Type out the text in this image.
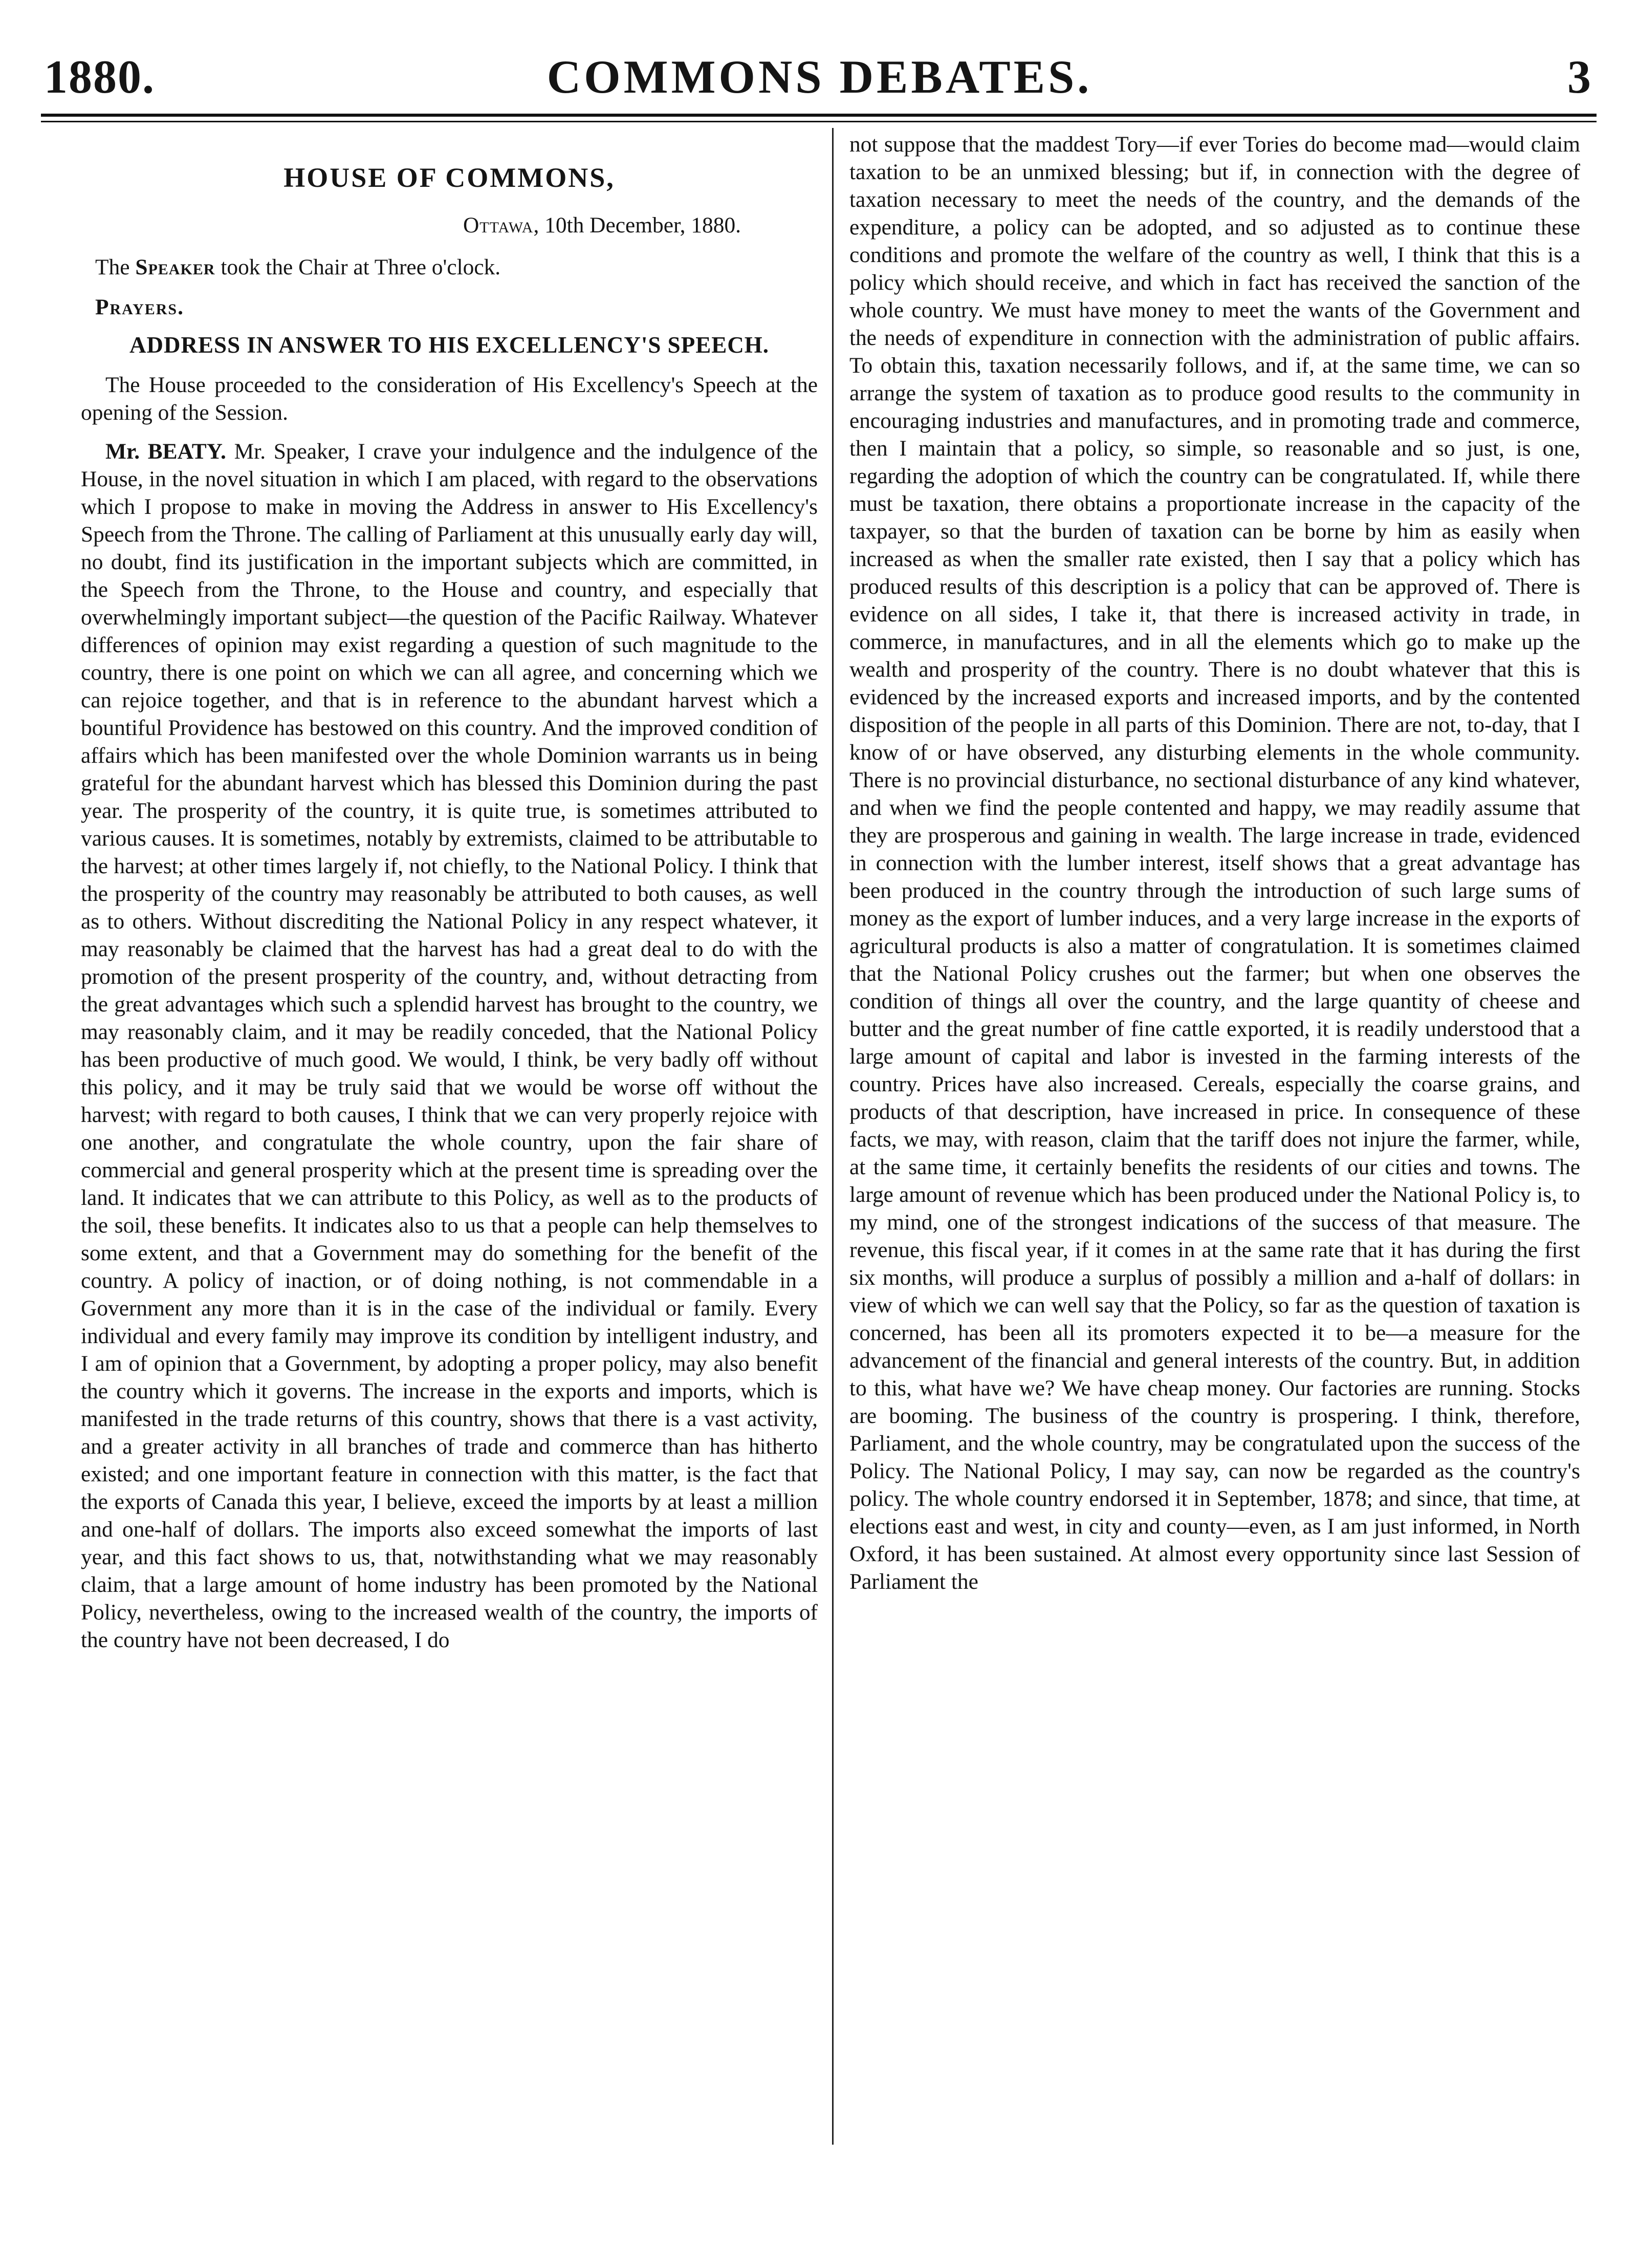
COMMONS DEBATES.
1880.	3
HOUSE OF COMMONS,

Ottawa, 10th December, 1880.

The Speaker took the Chair at Three o'clock.

Prayers.

ADDRESS IN ANSWER TO HIS EXCELLENCY'S SPEECH.

The House proceeded to the consideration of His Excellency's Speech at the opening of the Session.

Mr. BEATY. Mr. Speaker, I crave your indulgence and the indulgence of the House, in the novel situation in which I am placed, with regard to the observations which I propose to make in moving the Address in answer to His Excellency's Speech from the Throne. The calling of Parliament at this unusually early day will, no doubt, find its justification in the important subjects which are committed, in the Speech from the Throne, to the House and country, and especially that overwhelmingly important subject—the question of the Pacific Railway. Whatever differences of opinion may exist regarding a question of such magnitude to the country, there is one point on which we can all agree, and concerning which we can rejoice together, and that is in reference to the abundant harvest which a bountiful Providence has bestowed on this country. And the improved condition of affairs which has been manifested over the whole Dominion warrants us in being grateful for the abundant harvest which has blessed this Dominion during the past year. The prosperity of the country, it is quite true, is sometimes attributed to various causes. It is sometimes, notably by extremists, claimed to be attributable to the harvest; at other times largely if, not chiefly, to the National Policy. I think that the prosperity of the country may reasonably be attributed to both causes, as well as to others. Without discrediting the National Policy in any respect whatever, it may reasonably be claimed that the harvest has had a great deal to do with the promotion of the present prosperity of the country, and, without detracting from the great advantages which such a splendid harvest has brought to the country, we may reasonably claim, and it may be readily conceded, that the National Policy has been productive of much good. We would, I think, be very badly off without this policy, and it may be truly said that we would be worse off without the harvest; with regard to both causes, I think that we can very properly rejoice with one another, and congratulate the whole country, upon the fair share of commercial and general prosperity which at the present time is spreading over the land. It indicates that we can attribute to this Policy, as well as to the products of the soil, these benefits. It indicates also to us that a people can help themselves to some extent, and that a Government may do something for the benefit of the country. A policy of inaction, or of doing nothing, is not commendable in a Government any more than it is in the case of the individual or family. Every individual and every family may improve its condition by intelligent industry, and I am of opinion that a Government, by adopting a proper policy, may also benefit the country which it governs. The increase in the exports and imports, which is manifested in the trade returns of this country, shows that there is a vast activity, and a greater activity in all branches of trade and commerce than has hitherto existed; and one important feature in connection with this matter, is the fact that the exports of Canada this year, I believe, exceed the imports by at least a million and one-half of dollars. The imports also exceed somewhat the imports of last year, and this fact shows to us, that, notwithstanding what we may reasonably claim, that a large amount of home industry has been promoted by the National Policy, nevertheless, owing to the increased wealth of the country, the imports of the country have not been decreased, I do

not suppose that the maddest Tory—if ever Tories do become mad—would claim taxation to be an unmixed blessing; but if, in connection with the degree of taxation necessary to meet the needs of the country, and the demands of the expenditure, a policy can be adopted, and so adjusted as to continue these conditions and promote the welfare of the country as well, I think that this is a policy which should receive, and which in fact has received the sanction of the whole country. We must have money to meet the wants of the Government and the needs of expenditure in connection with the administration of public affairs. To obtain this, taxation necessarily follows, and if, at the same time, we can so arrange the system of taxation as to produce good results to the community in encouraging industries and manufactures, and in promoting trade and commerce, then I maintain that a policy, so simple, so reasonable and so just, is one, regarding the adoption of which the country can be congratulated. If, while there must be taxation, there obtains a proportionate increase in the capacity of the taxpayer, so that the burden of taxation can be borne by him as easily when increased as when the smaller rate existed, then I say that a policy which has produced results of this description is a policy that can be approved of. There is evidence on all sides, I take it, that there is increased activity in trade, in commerce, in manufactures, and in all the elements which go to make up the wealth and prosperity of the country. There is no doubt whatever that this is evidenced by the increased exports and increased imports, and by the contented disposition of the people in all parts of this Dominion. There are not, to-day, that I know of or have observed, any disturbing elements in the whole community. There is no provincial disturbance, no sectional disturbance of any kind whatever, and when we find the people contented and happy, we may readily assume that they are prosperous and gaining in wealth. The large increase in trade, evidenced in connection with the lumber interest, itself shows that a great advantage has been produced in the country through the introduction of such large sums of money as the export of lumber induces, and a very large increase in the exports of agricultural products is also a matter of congratulation. It is sometimes claimed that the National Policy crushes out the farmer; but when one observes the condition of things all over the country, and the large quantity of cheese and butter and the great number of fine cattle exported, it is readily understood that a large amount of capital and labor is invested in the farming interests of the country. Prices have also increased. Cereals, especially the coarse grains, and products of that description, have increased in price. In consequence of these facts, we may, with reason, claim that the tariff does not injure the farmer, while, at the same time, it certainly benefits the residents of our cities and towns. The large amount of revenue which has been produced under the National Policy is, to my mind, one of the strongest indications of the success of that measure. The revenue, this fiscal year, if it comes in at the same rate that it has during the first six months, will produce a surplus of possibly a million and a-half of dollars: in view of which we can well say that the Policy, so far as the question of taxation is concerned, has been all its promoters expected it to be—a measure for the advancement of the financial and general interests of the country. But, in addition to this, what have we? We have cheap money. Our factories are running. Stocks are booming. The business of the country is prospering. I think, therefore, Parliament, and the whole country, may be congratulated upon the success of the Policy. The National Policy, I may say, can now be regarded as the country's policy. The whole country endorsed it in September, 1878; and since, that time, at elections east and west, in city and county—even, as I am just informed, in North Oxford, it has been sustained. At almost every opportunity since last Session of Parliament the
